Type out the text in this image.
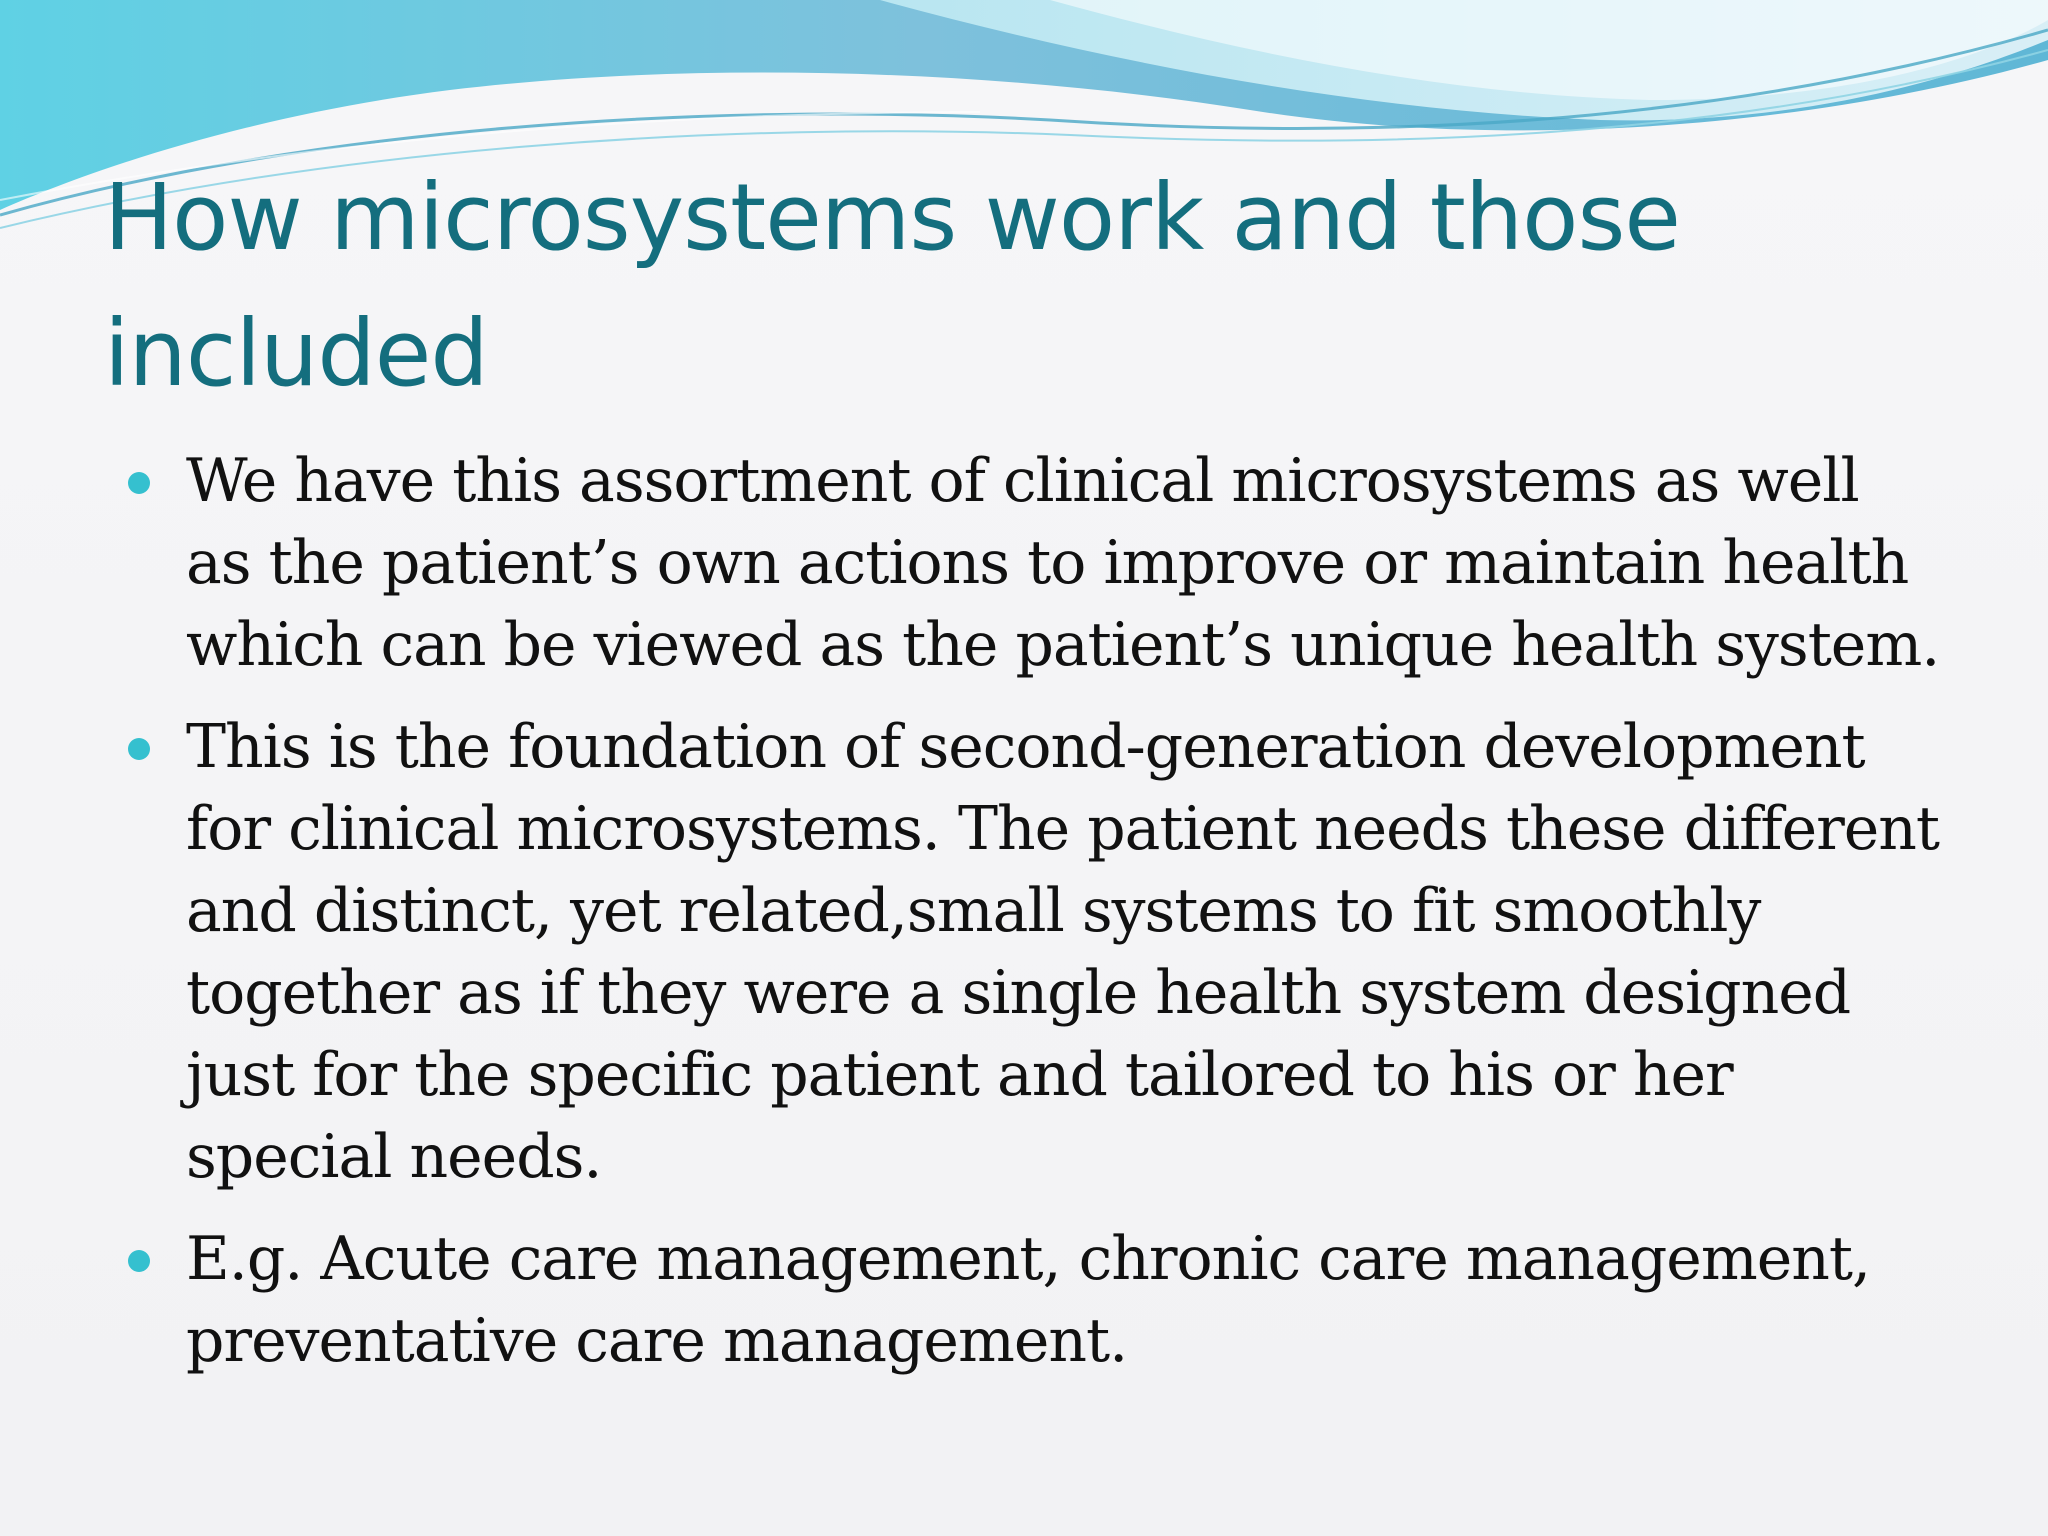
How microsystems work and those included
We have this assortment of clinical microsystems as well as the patient’s own actions to improve or maintain health which can be viewed as the patient’s unique health system.
This is the foundation of second-generation development for clinical microsystems. The patient needs these different and distinct, yet related,small systems to fit smoothly together as if they were a single health system designed just for the specific patient and tailored to his or her special needs.
E.g. Acute care management, chronic care management, preventative care management.
